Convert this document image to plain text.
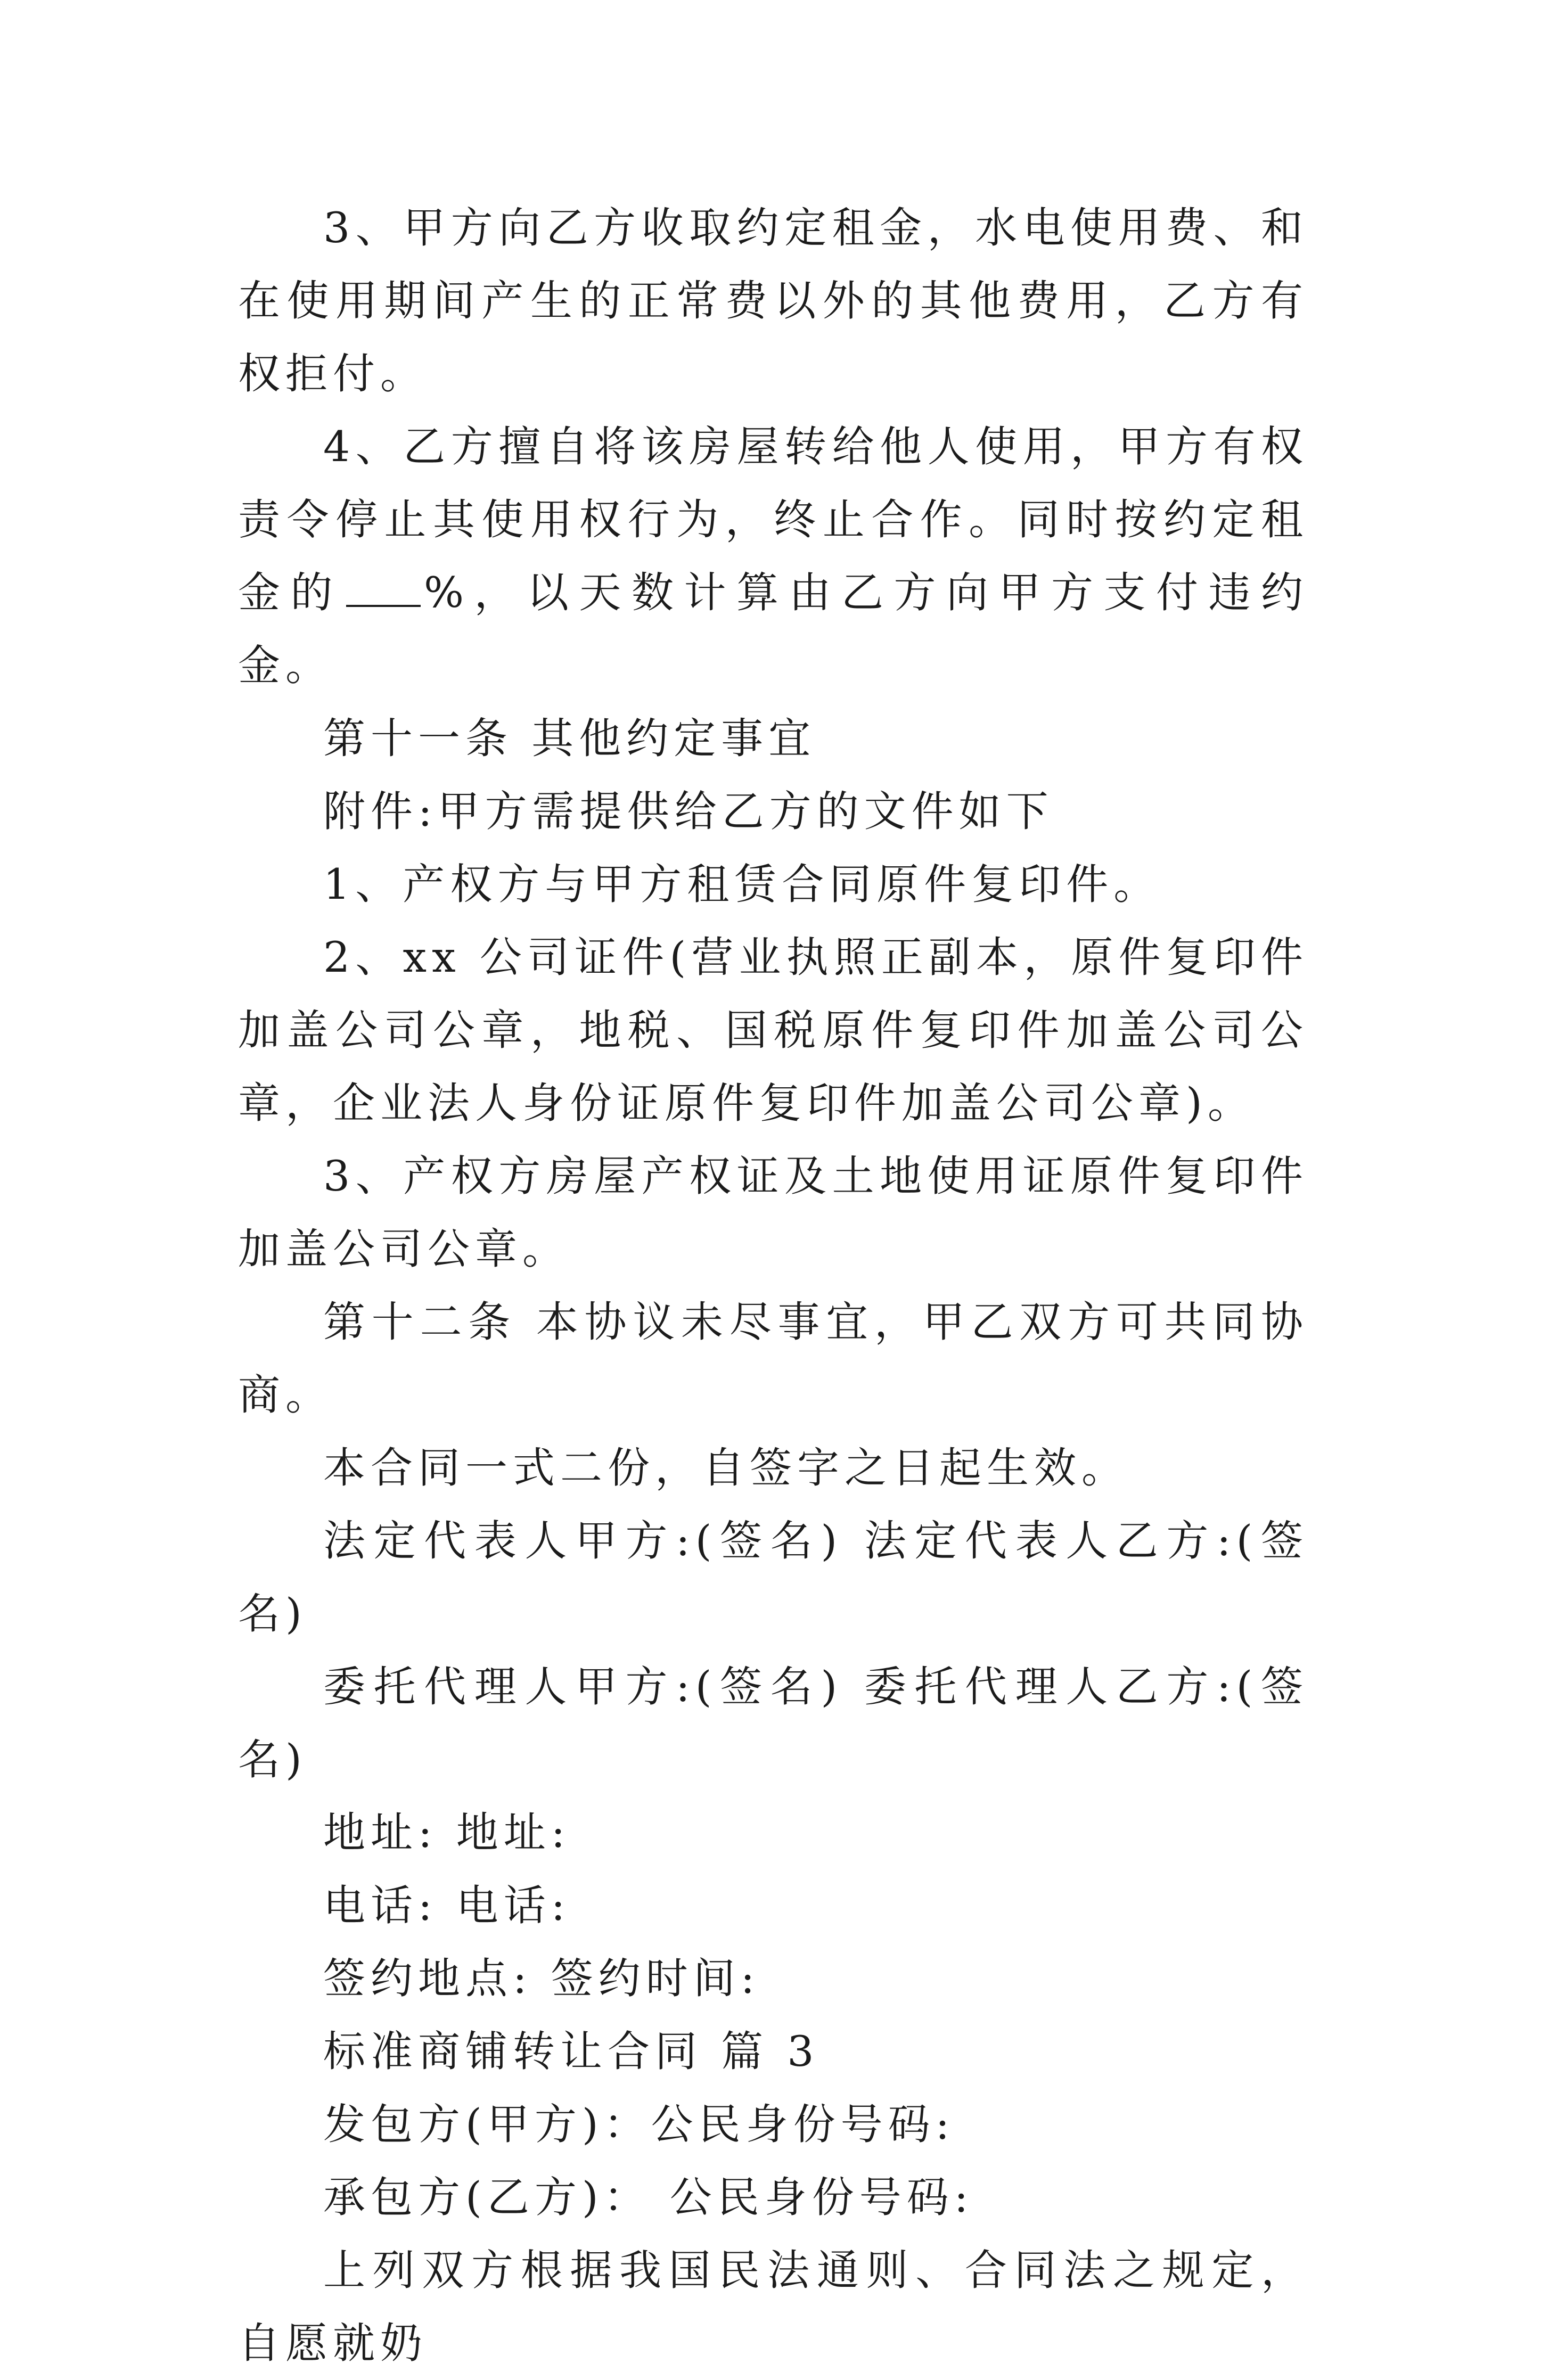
3、甲方向乙方收取约定租金，水电使用费、和在使用期间产生的正常费以外的其他费用，乙方有权拒付。

4、乙方擅自将该房屋转给他人使用，甲方有权责令停止其使用权行为，终止合作。同时按约定租金的 %，以天数计算由乙方向甲方支付违约金。

第十一条 其他约定事宜

附件:甲方需提供给乙方的文件如下

1、产权方与甲方租赁合同原件复印件。

2、xx 公司证件(营业执照正副本，原件复印件加盖公司公章，地税、国税原件复印件加盖公司公章，企业法人身份证原件复印件加盖公司公章)。

3、产权方房屋产权证及土地使用证原件复印件加盖公司公章。

第十二条 本协议未尽事宜，甲乙双方可共同协商。

本合同一式二份，自签字之日起生效。

法定代表人甲方:(签名) 法定代表人乙方:(签名)

委托代理人甲方:(签名) 委托代理人乙方:(签名)

地址: 地址:

电话: 电话:

签约地点: 签约时间:

标准商铺转让合同 篇 3

发包方(甲方)：公民身份号码:

承包方(乙方)： 公民身份号码:

上列双方根据我国民法通则、合同法之规定，自愿就奶
